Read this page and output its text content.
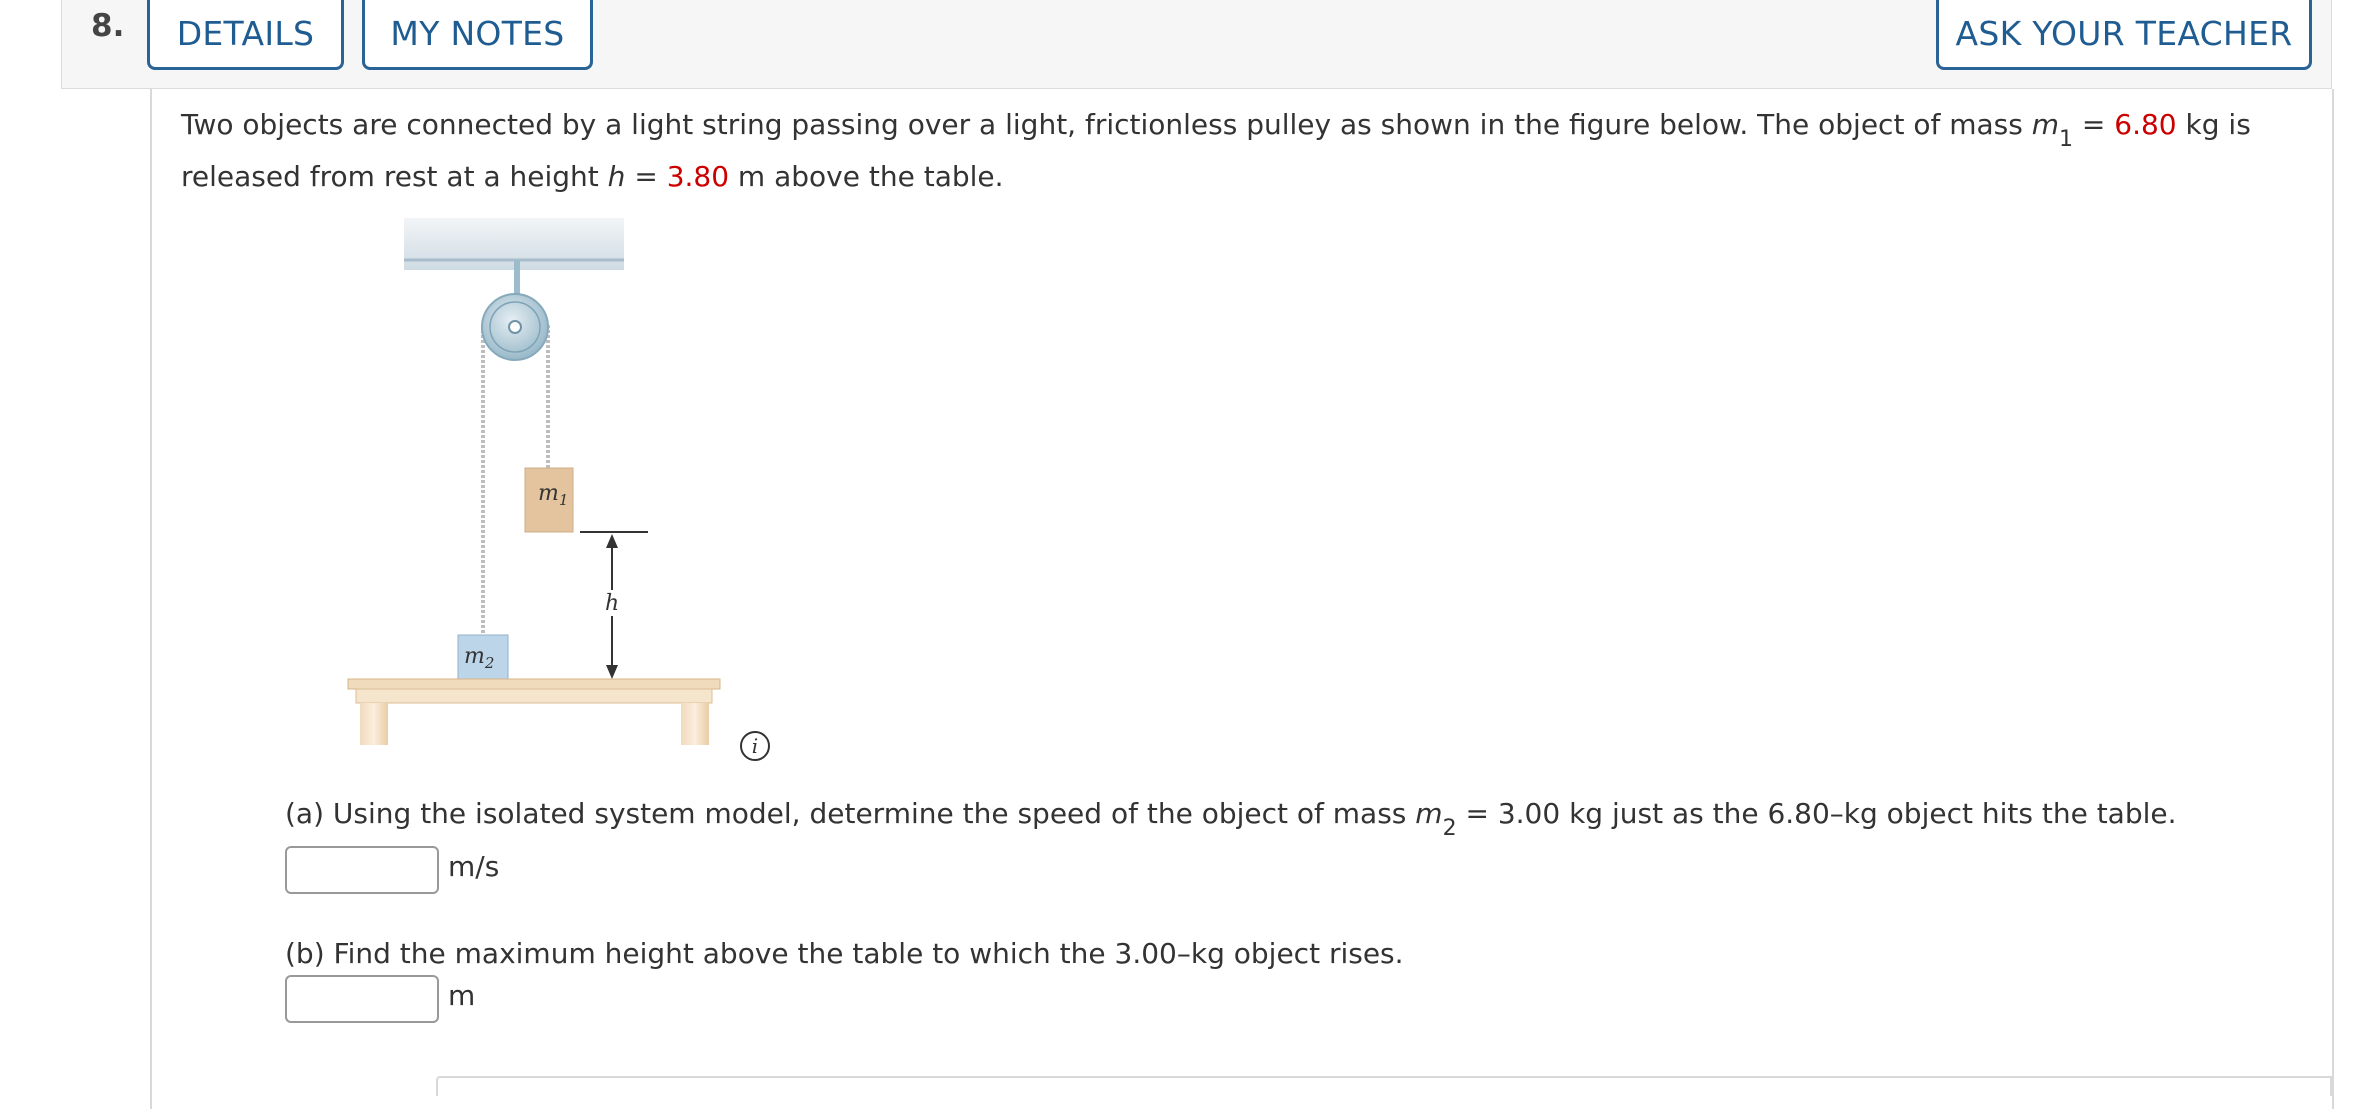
8.	DETAILS	MY NOTES	ASK YOUR TEACHER
Two objects are connected by a light string passing over a light, frictionless pulley as shown in the figure below. The object of mass $m_1 = 6.80$ kg is released from rest at a height h = 3.80 m above the table.
$m_1$
$m_2$
h
i
(a) Using the isolated system model, determine the speed of the object of mass $m_2 = 3.00$ kg just as the 6.80–kg object hits the table.
m/s
(b) Find the maximum height above the table to which the 3.00–kg object rises.
m
